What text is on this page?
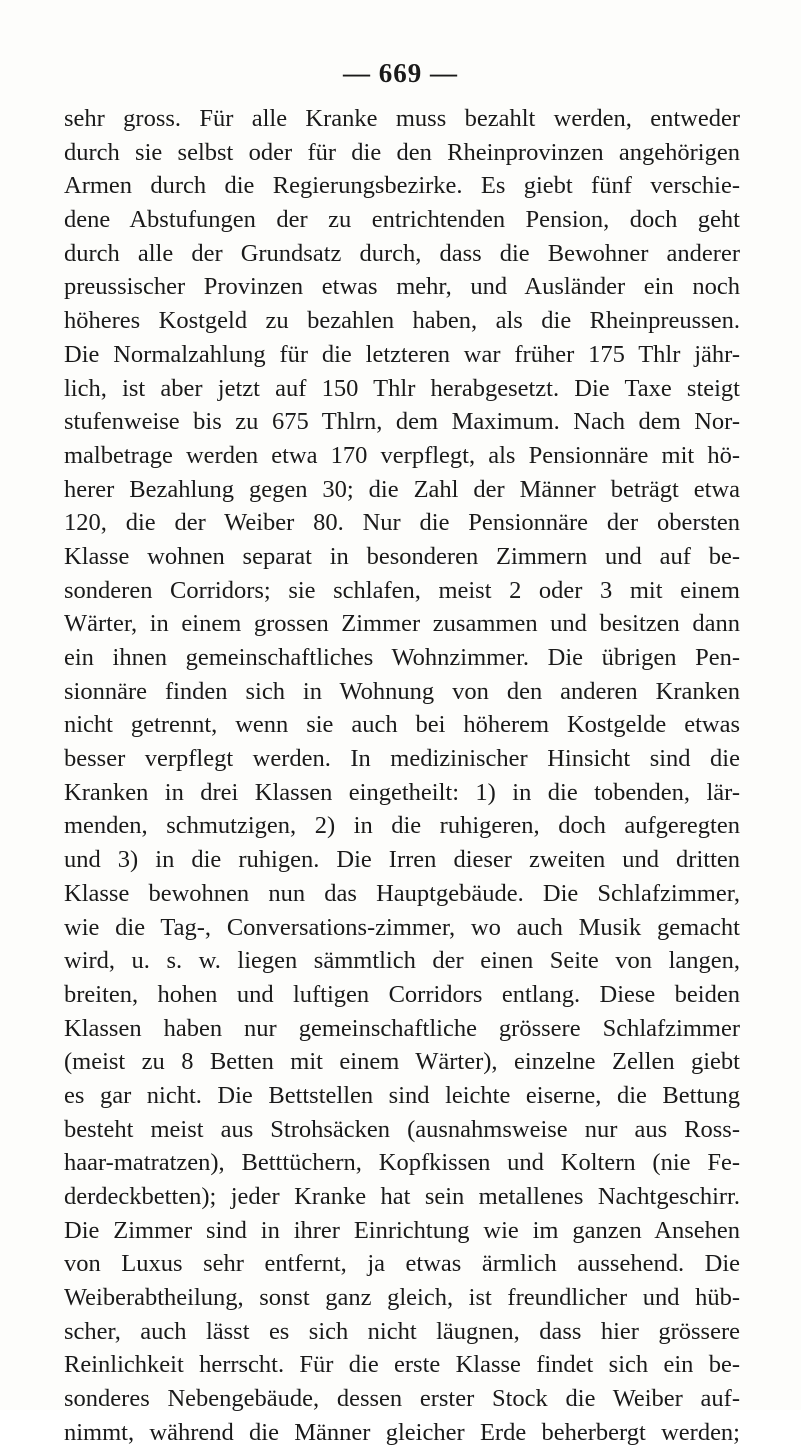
— 669 —
sehr gross. Für alle Kranke muss bezahlt werden, entweder
durch sie selbst oder für die den Rheinprovinzen angehörigen
Armen durch die Regierungsbezirke. Es giebt fünf verschie-
dene Abstufungen der zu entrichtenden Pension, doch geht
durch alle der Grundsatz durch, dass die Bewohner anderer
preussischer Provinzen etwas mehr, und Ausländer ein noch
höheres Kostgeld zu bezahlen haben, als die Rheinpreussen.
Die Normalzahlung für die letzteren war früher 175 Thlr jähr-
lich, ist aber jetzt auf 150 Thlr herabgesetzt. Die Taxe steigt
stufenweise bis zu 675 Thlrn, dem Maximum. Nach dem Nor-
malbetrage werden etwa 170 verpflegt, als Pensionnäre mit hö-
herer Bezahlung gegen 30; die Zahl der Männer beträgt etwa
120, die der Weiber 80. Nur die Pensionnäre der obersten
Klasse wohnen separat in besonderen Zimmern und auf be-
sonderen Corridors; sie schlafen, meist 2 oder 3 mit einem
Wärter, in einem grossen Zimmer zusammen und besitzen dann
ein ihnen gemeinschaftliches Wohnzimmer. Die übrigen Pen-
sionnäre finden sich in Wohnung von den anderen Kranken
nicht getrennt, wenn sie auch bei höherem Kostgelde etwas
besser verpflegt werden. In medizinischer Hinsicht sind die
Kranken in drei Klassen eingetheilt: 1) in die tobenden, lär-
menden, schmutzigen, 2) in die ruhigeren, doch aufgeregten
und 3) in die ruhigen. Die Irren dieser zweiten und dritten
Klasse bewohnen nun das Hauptgebäude. Die Schlafzimmer,
wie die Tag-, Conversations-zimmer, wo auch Musik gemacht
wird, u. s. w. liegen sämmtlich der einen Seite von langen,
breiten, hohen und luftigen Corridors entlang. Diese beiden
Klassen haben nur gemeinschaftliche grössere Schlafzimmer
(meist zu 8 Betten mit einem Wärter), einzelne Zellen giebt
es gar nicht. Die Bettstellen sind leichte eiserne, die Bettung
besteht meist aus Strohsäcken (ausnahmsweise nur aus Ross-
haar-matratzen), Betttüchern, Kopfkissen und Koltern (nie Fe-
derdeckbetten); jeder Kranke hat sein metallenes Nachtgeschirr.
Die Zimmer sind in ihrer Einrichtung wie im ganzen Ansehen
von Luxus sehr entfernt, ja etwas ärmlich aussehend. Die
Weiberabtheilung, sonst ganz gleich, ist freundlicher und hüb-
scher, auch lässt es sich nicht läugnen, dass hier grössere
Reinlichkeit herrscht. Für die erste Klasse findet sich ein be-
sonderes Nebengebäude, dessen erster Stock die Weiber auf-
nimmt, während die Männer gleicher Erde beherbergt werden;
